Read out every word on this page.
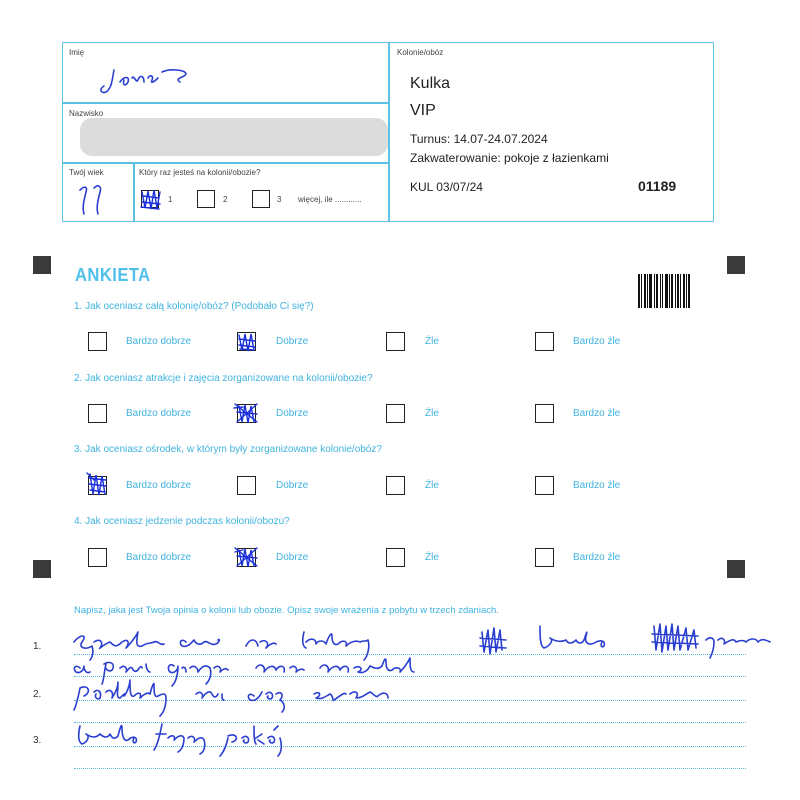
Imię
Nazwisko
Twój wiek	Który raz jesteś na kolonii/obozie?
1	2	3 więcej, ile ............
Kolonie/obóz
Kulka
VIP
Turnus: 14.07-24.07.2024
Zakwaterowanie: pokoje z łazienkami
KUL 03/07/24	01189
ANKIETA
1. Jak oceniasz całą kolonię/obóz? (Podobało Ci się?)
Bardzo dobrze	Dobrze	Źle	Bardzo źle
2. Jak oceniasz atrakcje i zajęcia zorganizowane na kolonii/obozie?
Bardzo dobrze	Dobrze	Źle	Bardzo źle
3. Jak oceniasz ośrodek, w którym były zorganizowane kolonie/obóz?
Bardzo dobrze	Dobrze	Źle	Bardzo źle
4. Jak oceniasz jedzenie podczas kolonii/obozu?
Bardzo dobrze	Dobrze	Źle	Bardzo źle
Napisz, jaka jest Twoja opinia o kolonii lub obozie. Opisz swoje wrażenia z pobytu w trzech zdaniach.
1.
2.
3.
